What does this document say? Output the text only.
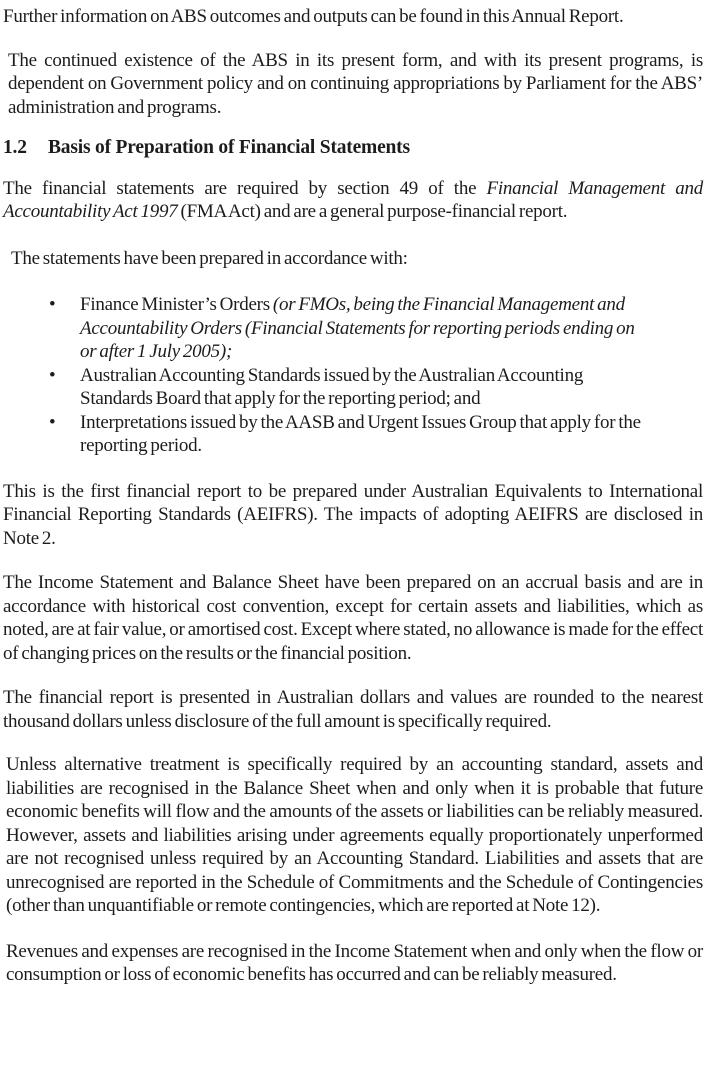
Further information on ABS outcomes and outputs can be found in this Annual Report.

The continued existence of the ABS in its present form, and with its present programs, is dependent on Government policy and on continuing appropriations by Parliament for the ABS’ administration and programs.

1.2 Basis of Preparation of Financial Statements

The financial statements are required by section 49 of the Financial Management and Accountability Act 1997 (FMA Act) and are a general purpose-financial report.

The statements have been prepared in accordance with:

• Finance Minister’s Orders (or FMOs, being the Financial Management and Accountability Orders (Financial Statements for reporting periods ending on or after 1 July 2005);
• Australian Accounting Standards issued by the Australian Accounting Standards Board that apply for the reporting period; and
• Interpretations issued by the AASB and Urgent Issues Group that apply for the reporting period.

This is the first financial report to be prepared under Australian Equivalents to International Financial Reporting Standards (AEIFRS). The impacts of adopting AEIFRS are disclosed in Note 2.

The Income Statement and Balance Sheet have been prepared on an accrual basis and are in accordance with historical cost convention, except for certain assets and liabilities, which as noted, are at fair value, or amortised cost. Except where stated, no allowance is made for the effect of changing prices on the results or the financial position.

The financial report is presented in Australian dollars and values are rounded to the nearest thousand dollars unless disclosure of the full amount is specifically required.

Unless alternative treatment is specifically required by an accounting standard, assets and liabilities are recognised in the Balance Sheet when and only when it is probable that future economic benefits will flow and the amounts of the assets or liabilities can be reliably measured. However, assets and liabilities arising under agreements equally proportionately unperformed are not recognised unless required by an Accounting Standard. Liabilities and assets that are unrecognised are reported in the Schedule of Commitments and the Schedule of Contingencies (other than unquantifiable or remote contingencies, which are reported at Note 12).

Revenues and expenses are recognised in the Income Statement when and only when the flow or consumption or loss of economic benefits has occurred and can be reliably measured.
